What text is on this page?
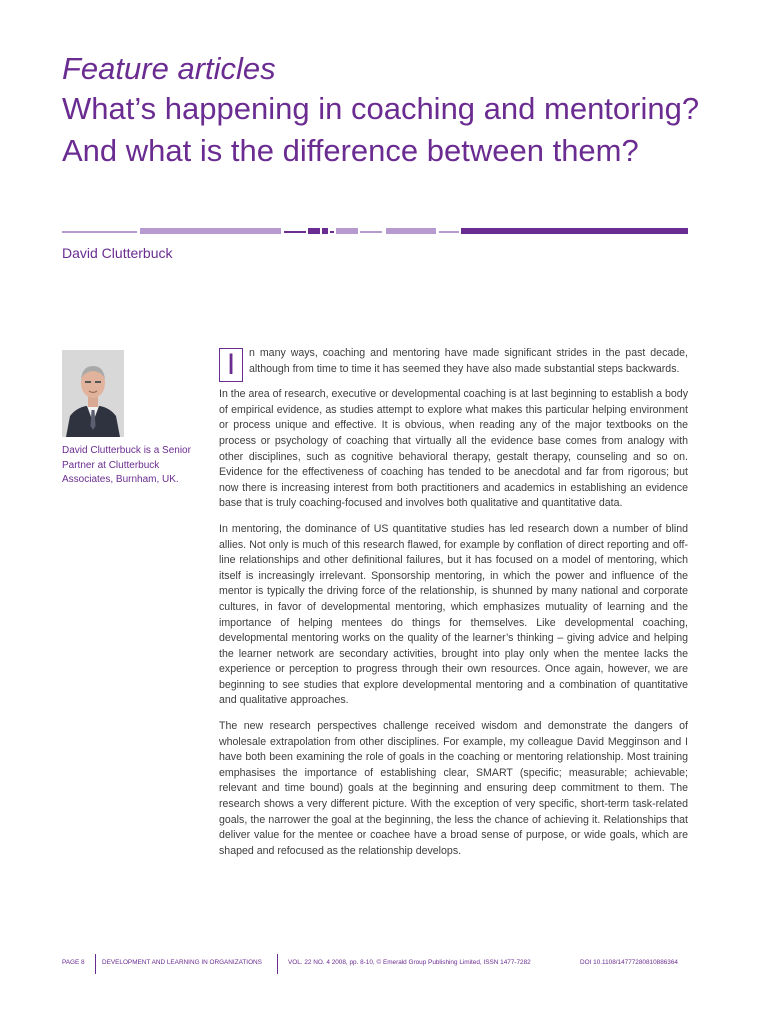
Feature articles
What’s happening in coaching and mentoring? And what is the difference between them?
David Clutterbuck
David Clutterbuck is a Senior Partner at Clutterbuck Associates, Burnham, UK.

I	n many ways, coaching and mentoring have made significant strides in the past decade, although from time to time it has seemed they have also made substantial steps backwards.

In the area of research, executive or developmental coaching is at last beginning to establish a body of empirical evidence, as studies attempt to explore what makes this particular helping environment or process unique and effective. It is obvious, when reading any of the major textbooks on the process or psychology of coaching that virtually all the evidence base comes from analogy with other disciplines, such as cognitive behavioral therapy, gestalt therapy, counseling and so on. Evidence for the effectiveness of coaching has tended to be anecdotal and far from rigorous; but now there is increasing interest from both practitioners and academics in establishing an evidence base that is truly coaching-focused and involves both qualitative and quantitative data.

In mentoring, the dominance of US quantitative studies has led research down a number of blind allies. Not only is much of this research flawed, for example by conflation of direct reporting and off-line relationships and other definitional failures, but it has focused on a model of mentoring, which itself is increasingly irrelevant. Sponsorship mentoring, in which the power and influence of the mentor is typically the driving force of the relationship, is shunned by many national and corporate cultures, in favor of developmental mentoring, which emphasizes mutuality of learning and the importance of helping mentees do things for themselves. Like developmental coaching, developmental mentoring works on the quality of the learner’s thinking – giving advice and helping the learner network are secondary activities, brought into play only when the mentee lacks the experience or perception to progress through their own resources. Once again, however, we are beginning to see studies that explore developmental mentoring and a combination of quantitative and qualitative approaches.

The new research perspectives challenge received wisdom and demonstrate the dangers of wholesale extrapolation from other disciplines. For example, my colleague David Megginson and I have both been examining the role of goals in the coaching or mentoring relationship. Most training emphasises the importance of establishing clear, SMART (specific; measurable; achievable; relevant and time bound) goals at the beginning and ensuring deep commitment to them. The research shows a very different picture. With the exception of very specific, short-term task-related goals, the narrower the goal at the beginning, the less the chance of achieving it. Relationships that deliver value for the mentee or coachee have a broad sense of purpose, or wide goals, which are shaped and refocused as the relationship develops.

PAGE 8	DEVELOPMENT AND LEARNING IN ORGANIZATIONS	VOL. 22 NO. 4 2008, pp. 8-10, © Emerald Group Publishing Limited, ISSN 1477-7282	DOI 10.1108/14777280810886364
